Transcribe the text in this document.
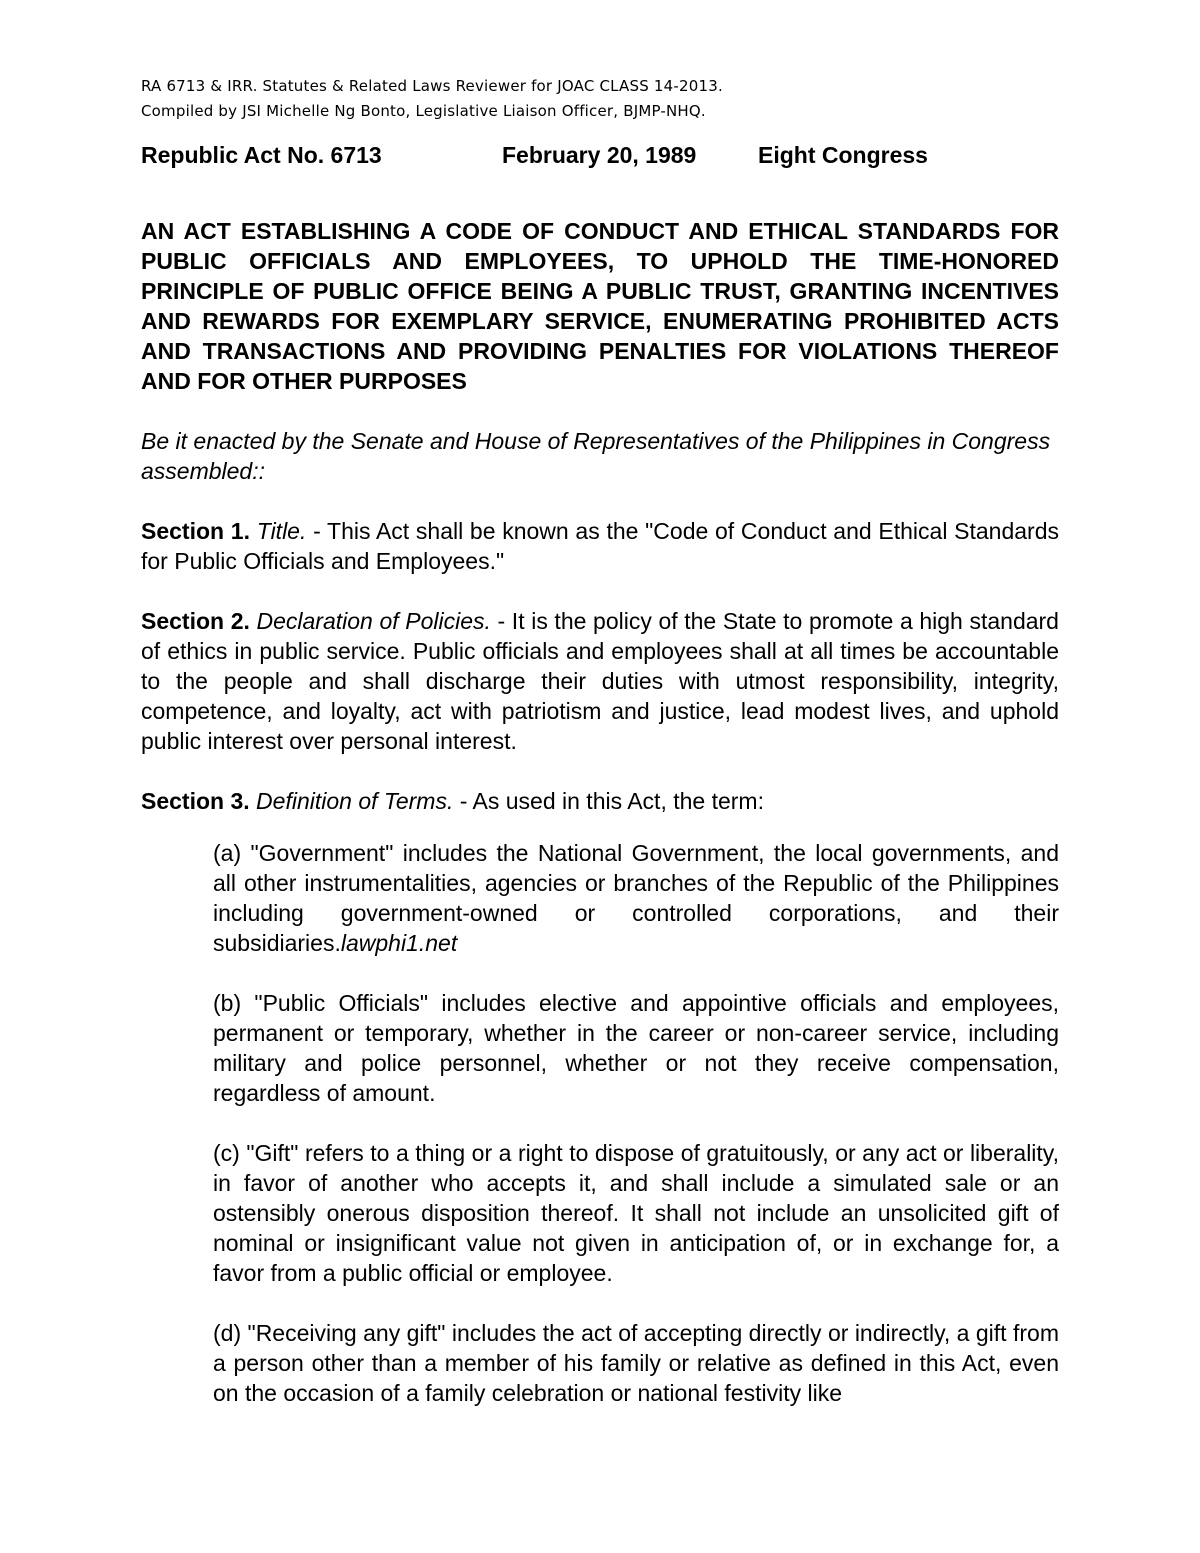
RA 6713 & IRR. Statutes & Related Laws Reviewer for JOAC CLASS 14-2013.
Compiled by JSI Michelle Ng Bonto, Legislative Liaison Officer, BJMP-NHQ.

Republic Act No. 6713	February 20, 1989	Eight Congress

AN ACT ESTABLISHING A CODE OF CONDUCT AND ETHICAL STANDARDS FOR PUBLIC OFFICIALS AND EMPLOYEES, TO UPHOLD THE TIME-HONORED PRINCIPLE OF PUBLIC OFFICE BEING A PUBLIC TRUST, GRANTING INCENTIVES AND REWARDS FOR EXEMPLARY SERVICE, ENUMERATING PROHIBITED ACTS AND TRANSACTIONS AND PROVIDING PENALTIES FOR VIOLATIONS THEREOF AND FOR OTHER PURPOSES

Be it enacted by the Senate and House of Representatives of the Philippines in Congress assembled::

Section 1. Title. - This Act shall be known as the "Code of Conduct and Ethical Standards for Public Officials and Employees."

Section 2. Declaration of Policies. - It is the policy of the State to promote a high standard of ethics in public service. Public officials and employees shall at all times be accountable to the people and shall discharge their duties with utmost responsibility, integrity, competence, and loyalty, act with patriotism and justice, lead modest lives, and uphold public interest over personal interest.

Section 3. Definition of Terms. - As used in this Act, the term:

(a) "Government" includes the National Government, the local governments, and all other instrumentalities, agencies or branches of the Republic of the Philippines including government-owned or controlled corporations, and their subsidiaries.lawphi1.net

(b) "Public Officials" includes elective and appointive officials and employees, permanent or temporary, whether in the career or non-career service, including military and police personnel, whether or not they receive compensation, regardless of amount.

(c) "Gift" refers to a thing or a right to dispose of gratuitously, or any act or liberality, in favor of another who accepts it, and shall include a simulated sale or an ostensibly onerous disposition thereof. It shall not include an unsolicited gift of nominal or insignificant value not given in anticipation of, or in exchange for, a favor from a public official or employee.

(d) "Receiving any gift" includes the act of accepting directly or indirectly, a gift from a person other than a member of his family or relative as defined in this Act, even on the occasion of a family celebration or national festivity like
